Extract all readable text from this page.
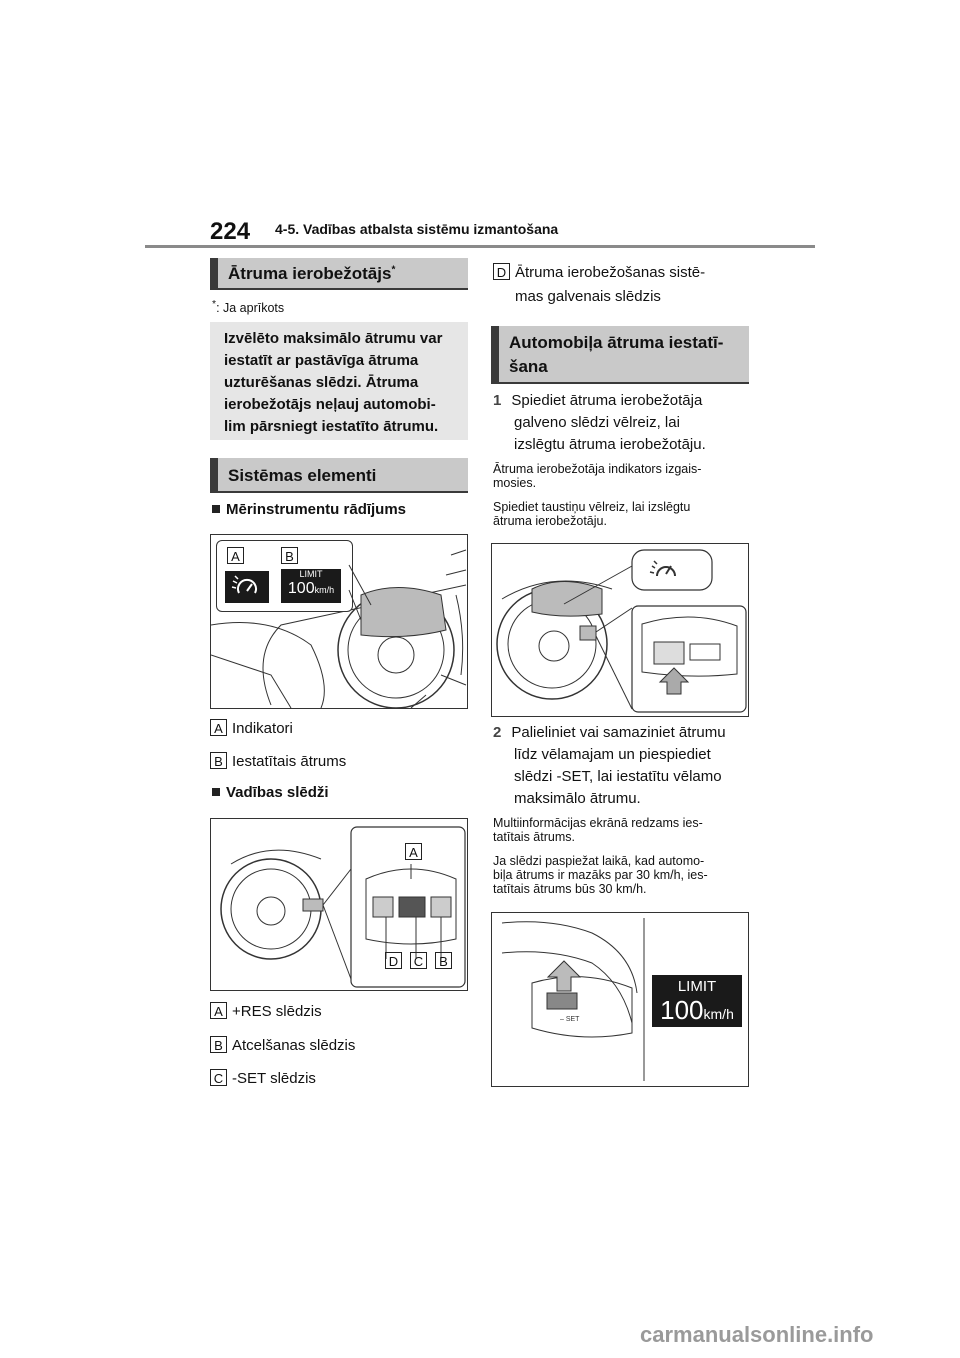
224 4-5. Vadības atbalsta sistēmu izmantošana
Ātruma ierobežotājs*
*: Ja aprīkots
Izvēlēto maksimālo ātrumu var
iestatīt ar pastāvīga ātruma
uzturēšanas slēdzi. Ātruma
ierobežotājs neļauj automobi-
lim pārsniegt iestatīto ātrumu.
Sistēmas elementi
Mērinstrumentu rādījums
A	B
LIMIT
100km/h
A Indikatori
B Iestatītais ātrums
Vadības slēdži
A
D C	B
A +RES slēdzis
B Atcelšanas slēdzis
C -SET slēdzis
D Ātruma ierobežošanas sistē-
mas galvenais slēdzis
Automobiļa ātruma iestatī-
šana
1 Spiediet ātruma ierobežotāja
galveno slēdzi vēlreiz, lai
izslēgtu ātruma ierobežotāju.
Ātruma ierobežotāja indikators izgais-
mosies.
Spiediet taustiņu vēlreiz, lai izslēgtu
ātruma ierobežotāju.
2 Palieliniet vai samaziniet ātrumu
līdz vēlamajam un piespiediet
slēdzi -SET, lai iestatītu vēlamo
maksimālo ātrumu.
Multiinformācijas ekrānā redzams ies-
tatītais ātrums.
Ja slēdzi paspiežat laikā, kad automo-
biļa ātrums ir mazāks par 30 km/h, ies-
tatītais ātrums būs 30 km/h.
– SET
LIMIT
100km/h
carmanualsonline.info
